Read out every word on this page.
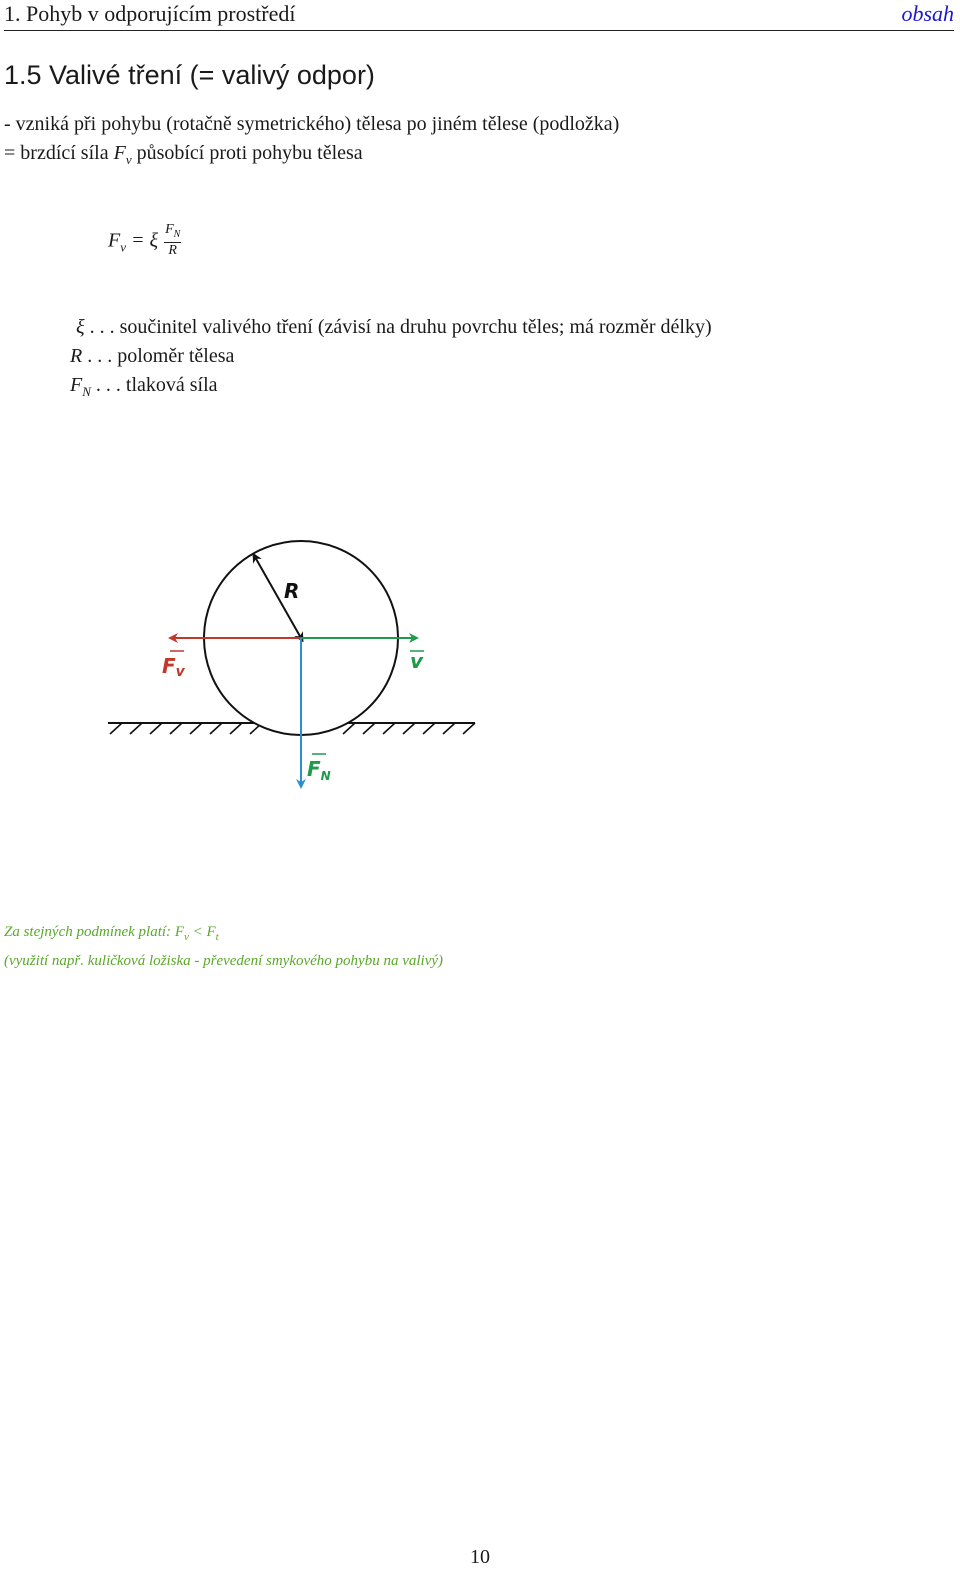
1. Pohyb v odporujícím prostředí	obsah
1.5 Valivé tření (= valivý odpor)
- vzniká při pohybu (rotačně symetrického) tělesa po jiném tělese (podložka)
= brzdící síla $F_v$ působící proti pohybu tělesa
$F_v = \xi \frac{F_N}{R}$
ξ . . . součinitel valivého tření (závisí na druhu povrchu těles; má rozměr délky)
R . . . poloměr tělesa
$F_N$ . . . tlaková síla
R
Fv	v
$F_N$
Za stejných podmínek platí: $F_v < F_t$
(využití např. kuličková ložiska - převedení smykového pohybu na valivý)
10
